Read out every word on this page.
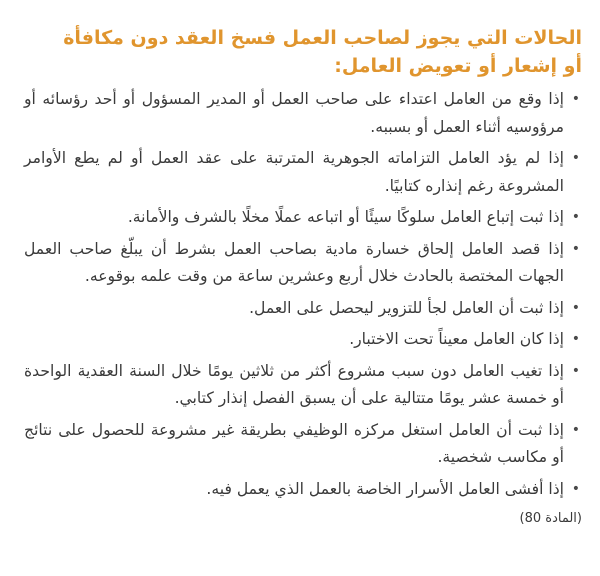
الحالات التي يجوز لصاحب العمل فسخ العقد دون مكافأة
أو إشعار أو تعويض العامل:
•
إذا وقع من العامل اعتداء على صاحب العمل أو المدير المسؤول أو أحد رؤسائه أو مرؤوسيه أثناء العمل أو بسببه.
•
إذا لم يؤد العامل التزاماته الجوهرية المترتبة على عقد العمل أو لم يطع الأوامر المشروعة رغم إنذاره كتابيًا.
•
إذا ثبت إتباع العامل سلوكًا سيئًا أو اتباعه عملًا مخلًا بالشرف والأمانة.
•
إذا قصد العامل إلحاق خسارة مادية بصاحب العمل بشرط أن يبلّغ صاحب العمل الجهات المختصة بالحادث خلال أربع وعشرين ساعة من وقت علمه بوقوعه.
•
إذا ثبت أن العامل لجأ للتزوير ليحصل على العمل.
•
إذا كان العامل معيناً تحت الاختبار.
•
إذا تغيب العامل دون سبب مشروع أكثر من ثلاثين يومًا خلال السنة العقدية الواحدة أو خمسة عشر يومًا متتالية على أن يسبق الفصل إنذار كتابي.
•
إذا ثبت أن العامل استغل مركزه الوظيفي بطريقة غير مشروعة للحصول على نتائج أو مكاسب شخصية.
•
إذا أفشى العامل الأسرار الخاصة بالعمل الذي يعمل فيه.
(المادة 80)
